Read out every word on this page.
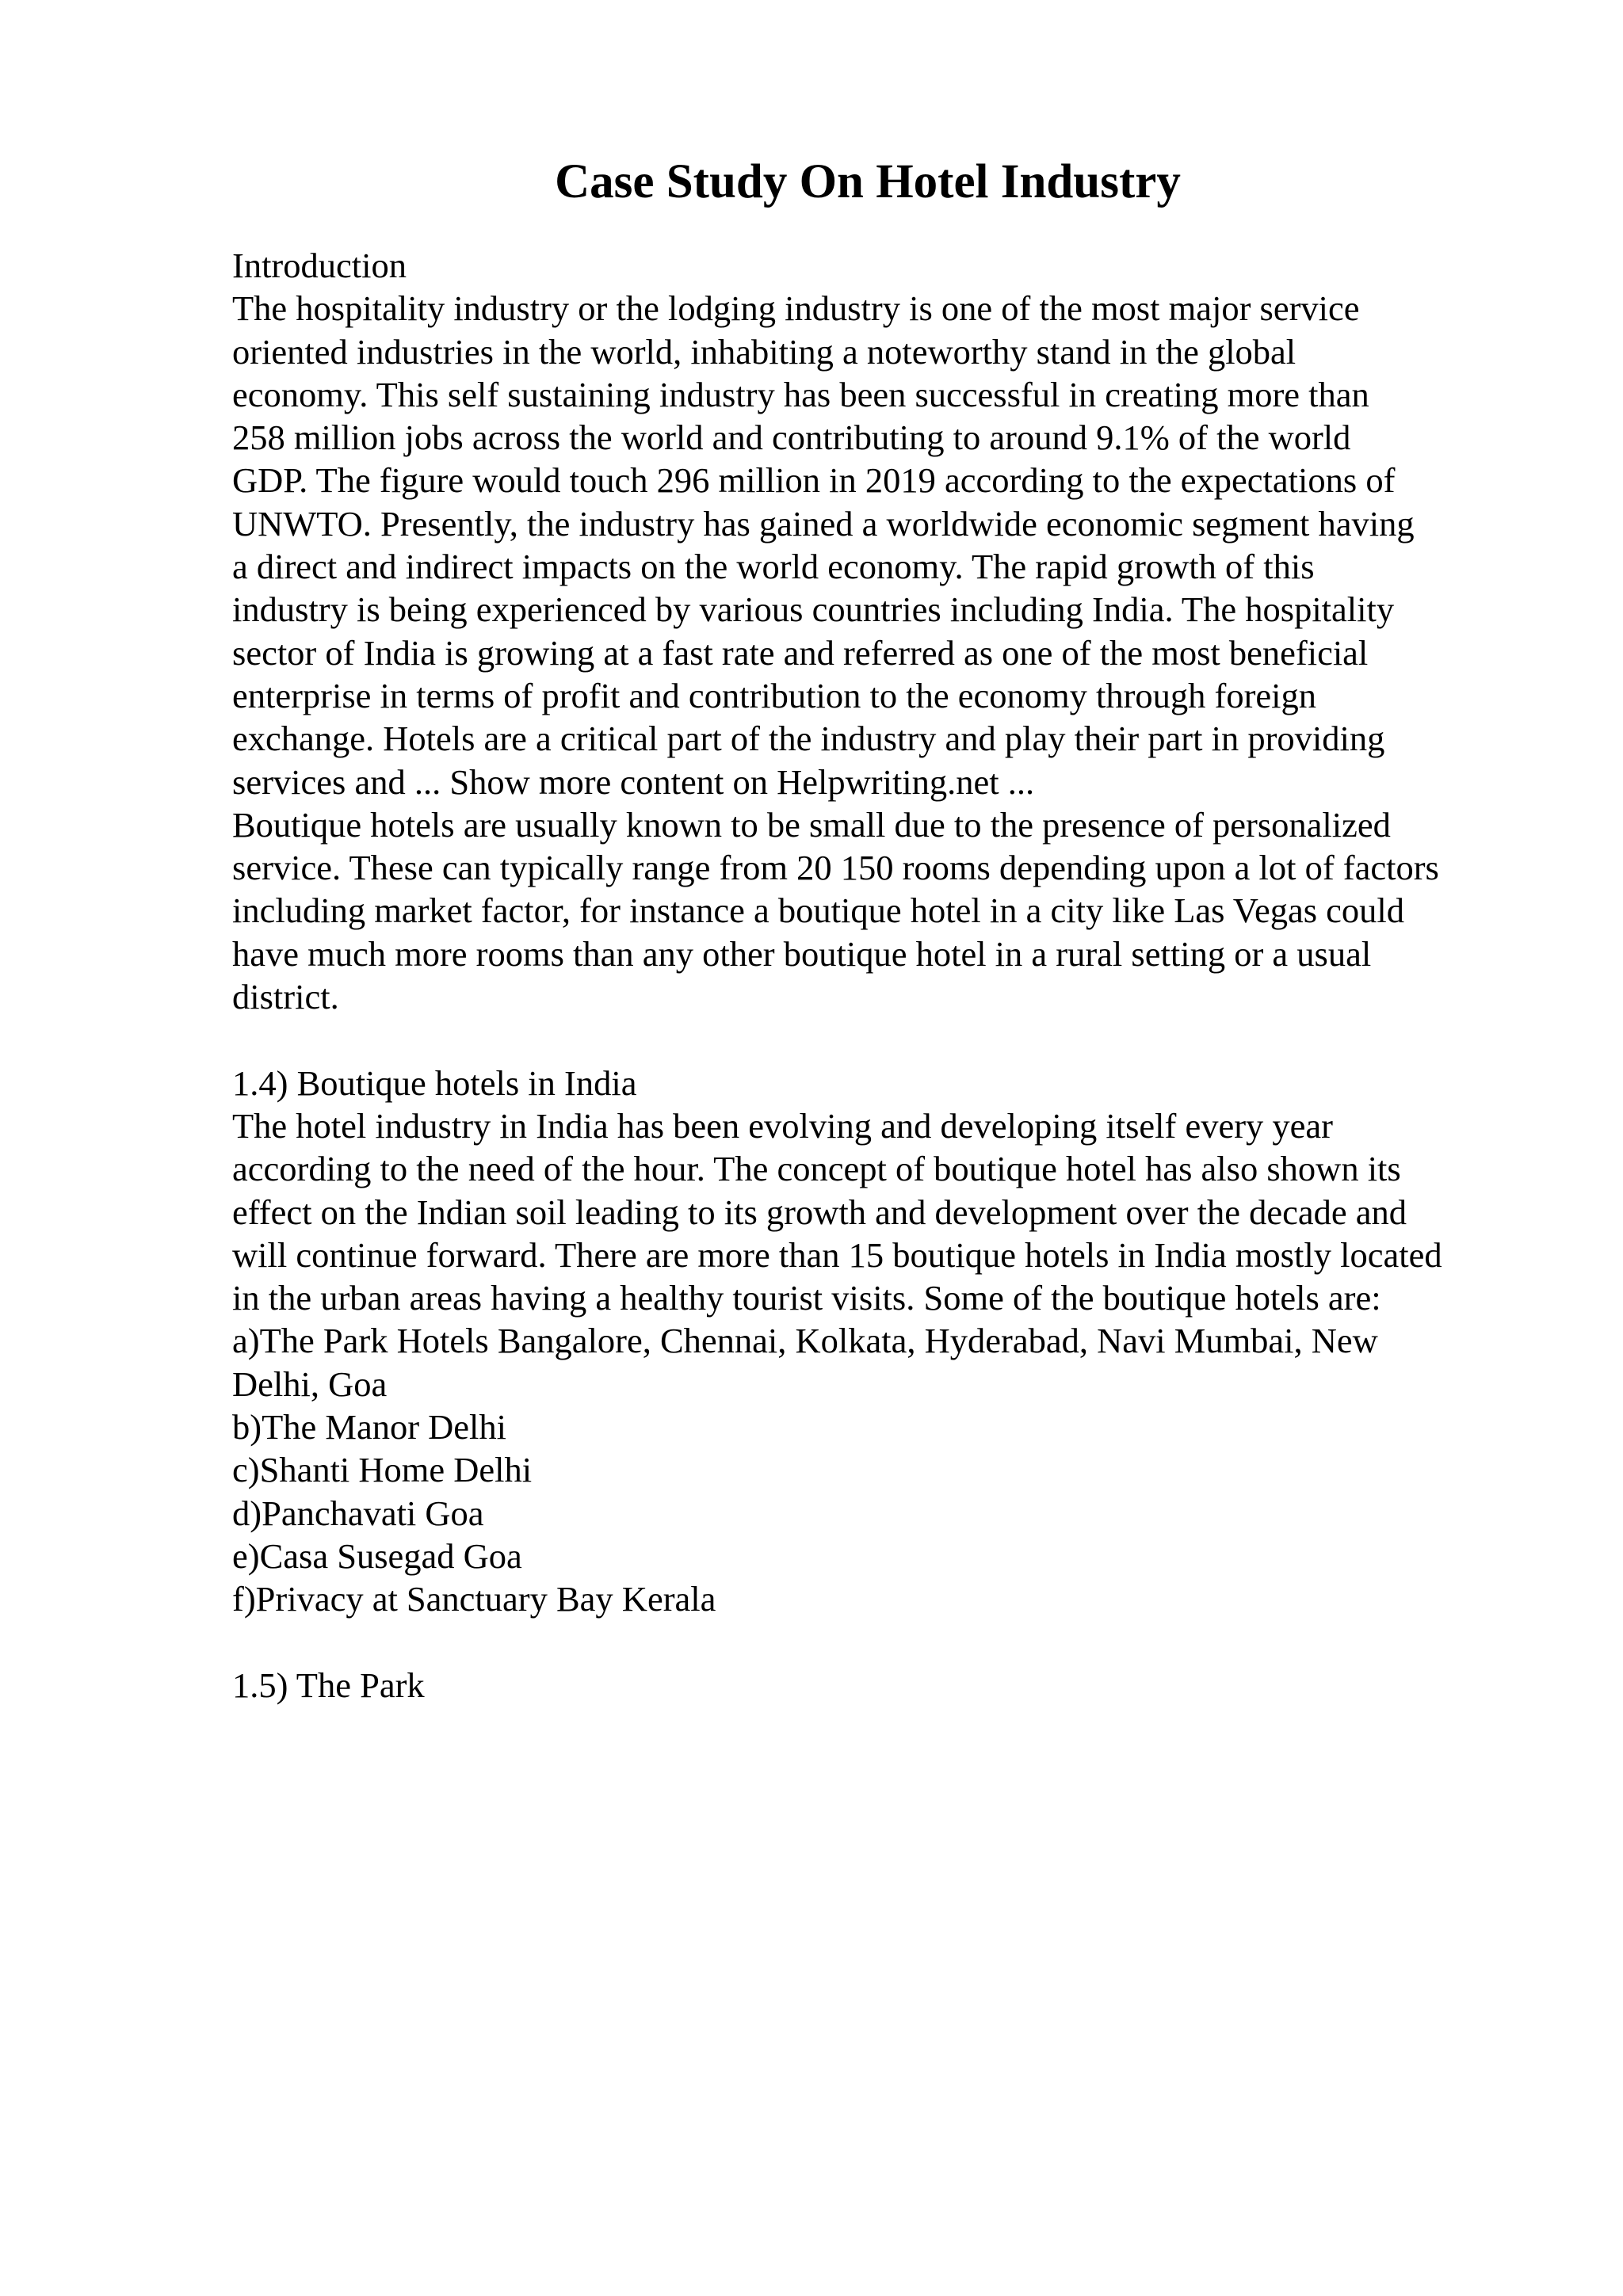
Case Study On Hotel Industry
Introduction
The hospitality industry or the lodging industry is one of the most major service
oriented industries in the world, inhabiting a noteworthy stand in the global
economy. This self sustaining industry has been successful in creating more than
258 million jobs across the world and contributing to around 9.1% of the world
GDP. The figure would touch 296 million in 2019 according to the expectations of
UNWTO. Presently, the industry has gained a worldwide economic segment having
a direct and indirect impacts on the world economy. The rapid growth of this
industry is being experienced by various countries including India. The hospitality
sector of India is growing at a fast rate and referred as one of the most beneficial
enterprise in terms of profit and contribution to the economy through foreign
exchange. Hotels are a critical part of the industry and play their part in providing
services and ... Show more content on Helpwriting.net ...
Boutique hotels are usually known to be small due to the presence of personalized
service. These can typically range from 20 150 rooms depending upon a lot of factors
including market factor, for instance a boutique hotel in a city like Las Vegas could
have much more rooms than any other boutique hotel in a rural setting or a usual
district.
1.4) Boutique hotels in India
The hotel industry in India has been evolving and developing itself every year
according to the need of the hour. The concept of boutique hotel has also shown its
effect on the Indian soil leading to its growth and development over the decade and
will continue forward. There are more than 15 boutique hotels in India mostly located
in the urban areas having a healthy tourist visits. Some of the boutique hotels are:
a)The Park Hotels Bangalore, Chennai, Kolkata, Hyderabad, Navi Mumbai, New
Delhi, Goa
b)The Manor Delhi
c)Shanti Home Delhi
d)Panchavati Goa
e)Casa Susegad Goa
f)Privacy at Sanctuary Bay Kerala
1.5) The Park
